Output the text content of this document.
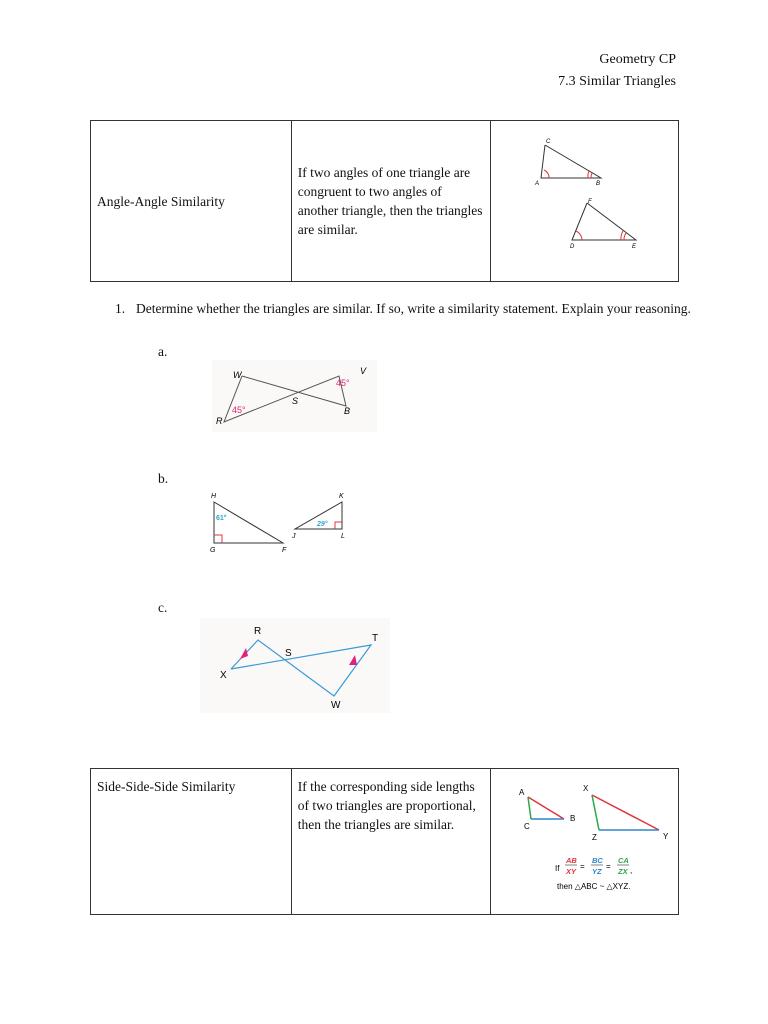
Geometry CP
7.3 Similar Triangles
Angle-Angle Similarity	If two angles of one triangle are congruent to two angles of another triangle, then the triangles are similar.	
C
A	B
F
D	E
1. Determine whether the triangles are similar. If so, write a similarity statement. Explain your reasoning.
a.
45°
45°
W	V
S
R
B
b.
61°
H
G	F
29°
K
J	L
c.
R
S
T
X
W
Side-Side-Side Similarity	If the corresponding side lengths of two triangles are proportional, then the triangles are similar.	
A
B
C
X
Y
Z
If
AB
XY
=
BC
YZ
=
CA
ZX ,
then △ABC ~ △XYZ.
